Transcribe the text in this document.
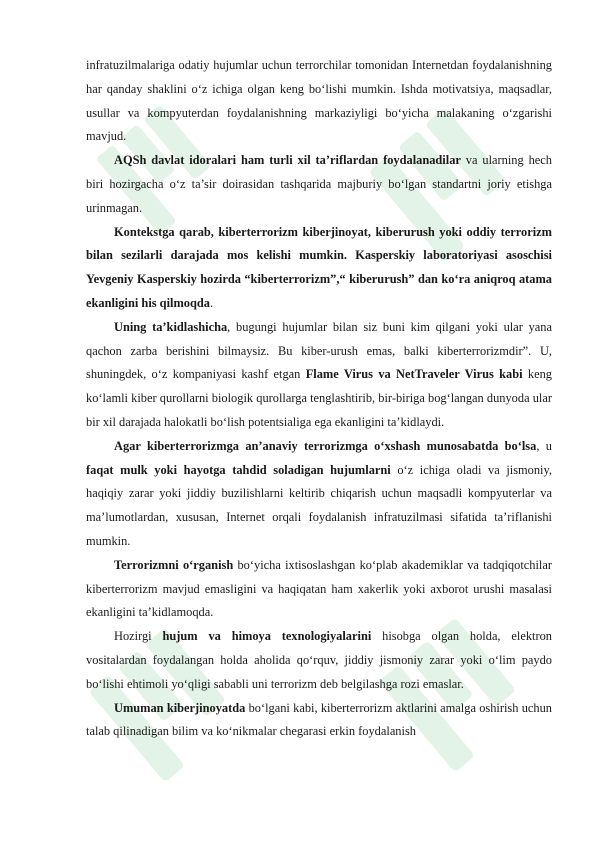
infratuzilmalariga odatiy hujumlar uchun terrorchilar tomonidan Internetdan foydalanishning har qanday shaklini o‘z ichiga olgan keng bo‘lishi mumkin. Ishda motivatsiya, maqsadlar, usullar va kompyuterdan foydalanishning markaziyligi bo‘yicha malakaning o‘zgarishi mavjud.

AQSh davlat idoralari ham turli xil ta’riflardan foydalanadilar va ularning hech biri hozirgacha o‘z ta’sir doirasidan tashqarida majburiy bo‘lgan standartni joriy etishga urinmagan.

Kontekstga qarab, kiberterrorizm kiberjinoyat, kiberurush yoki oddiy terrorizm bilan sezilarli darajada mos kelishi mumkin. Kasperskiy laboratoriyasi asoschisi Yevgeniy Kasperskiy hozirda “kiberterrorizm”,“ kiberurush” dan ko‘ra aniqroq atama ekanligini his qilmoqda.

Uning ta’kidlashicha, bugungi hujumlar bilan siz buni kim qilgani yoki ular yana qachon zarba berishini bilmaysiz. Bu kiber-urush emas, balki kiberterrorizmdir”. U, shuningdek, o‘z kompaniyasi kashf etgan Flame Virus va NetTraveler Virus kabi keng ko‘lamli kiber qurollarni biologik qurollarga tenglashtirib, bir-biriga bog‘langan dunyoda ular bir xil darajada halokatli bo‘lish potentsialiga ega ekanligini ta’kidlaydi.

Agar kiberterrorizmga an’anaviy terrorizmga o‘xshash munosabatda bo‘lsa, u faqat mulk yoki hayotga tahdid soladigan hujumlarni o‘z ichiga oladi va jismoniy, haqiqiy zarar yoki jiddiy buzilishlarni keltirib chiqarish uchun maqsadli kompyuterlar va ma’lumotlardan, xususan, Internet orqali foydalanish infratuzilmasi sifatida ta’riflanishi mumkin.

Terrorizmni o‘rganish bo‘yicha ixtisoslashgan ko‘plab akademiklar va tadqiqotchilar kiberterrorizm mavjud emasligini va haqiqatan ham xakerlik yoki axborot urushi masalasi ekanligini ta’kidlamoqda.

Hozirgi hujum va himoya texnologiyalarini hisobga olgan holda, elektron vositalardan foydalangan holda aholida qo‘rquv, jiddiy jismoniy zarar yoki o‘lim paydo bo‘lishi ehtimoli yo‘qligi sababli uni terrorizm deb belgilashga rozi emaslar.

Umuman kiberjinoyatda bo‘lgani kabi, kiberterrorizm aktlarini amalga oshirish uchun talab qilinadigan bilim va ko‘nikmalar chegarasi erkin foydalanish
